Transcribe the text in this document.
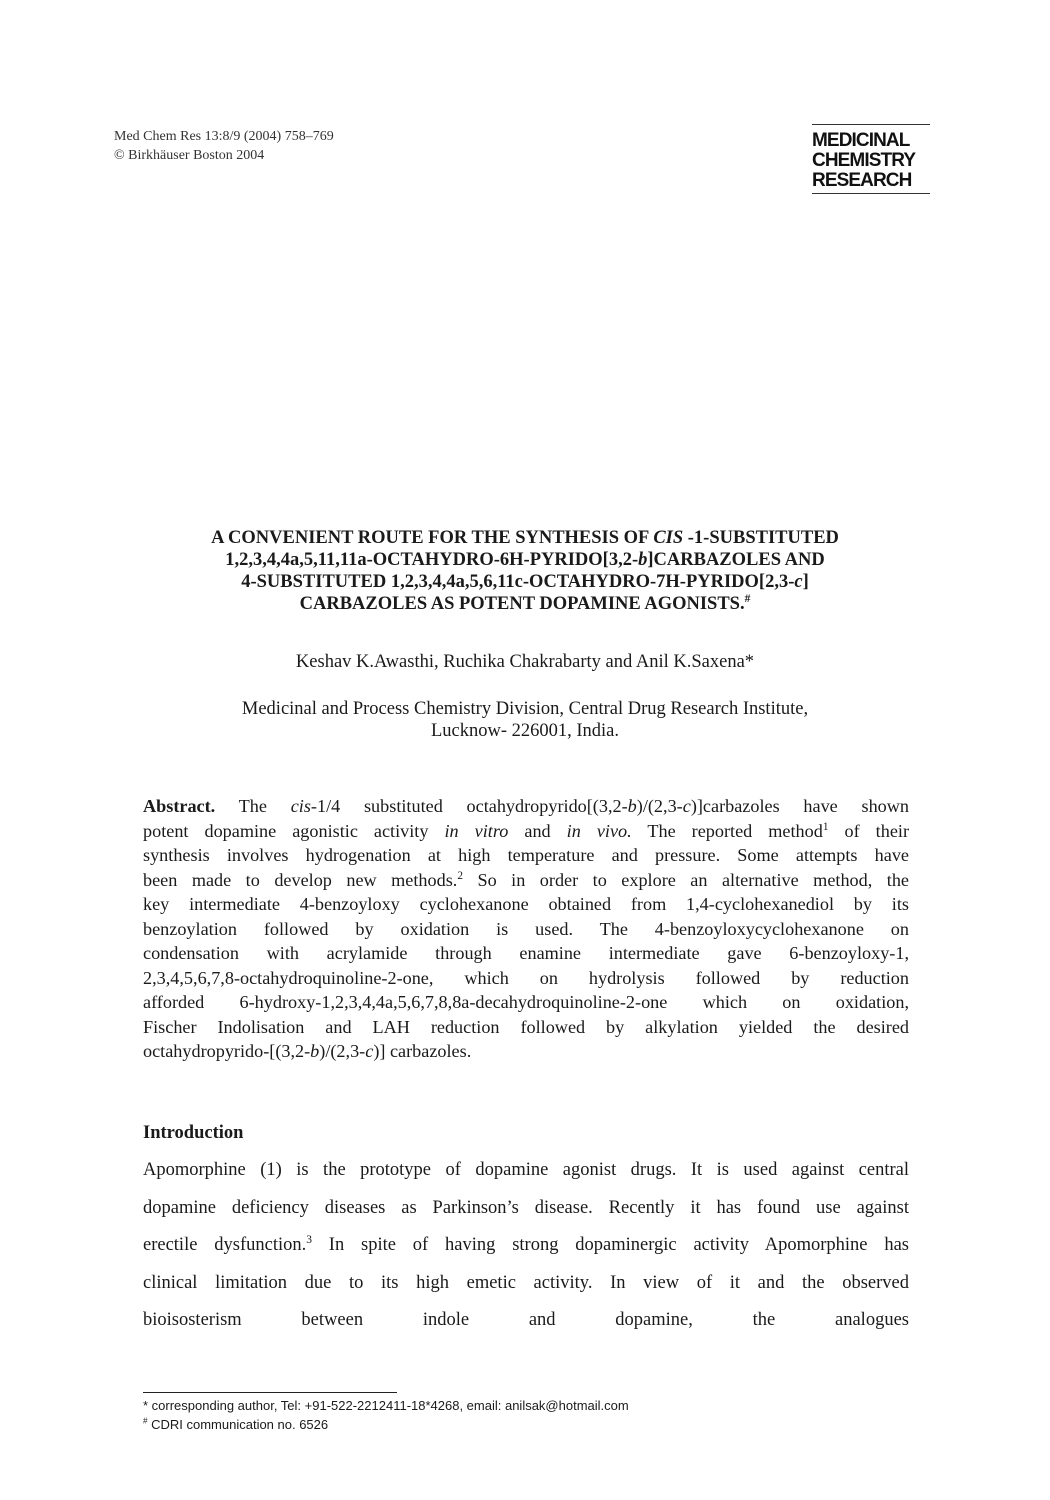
Med Chem Res 13:8/9 (2004) 758–769
© Birkhäuser Boston 2004
MEDICINAL
CHEMISTRY
RESEARCH
A CONVENIENT ROUTE FOR THE SYNTHESIS OF CIS -1-SUBSTITUTED
1,2,3,4,4a,5,11,11a-OCTAHYDRO-6H-PYRIDO[3,2-b]CARBAZOLES AND
4-SUBSTITUTED 1,2,3,4,4a,5,6,11c-OCTAHYDRO-7H-PYRIDO[2,3-c]
CARBAZOLES AS POTENT DOPAMINE AGONISTS.#
Keshav K.Awasthi, Ruchika Chakrabarty and Anil K.Saxena*
Medicinal and Process Chemistry Division, Central Drug Research Institute,
Lucknow- 226001, India.
Abstract. The cis-1/4 substituted octahydropyrido[(3,2-b)/(2,3-c)]carbazoles have shown
potent dopamine agonistic activity in vitro and in vivo. The reported method$^1$ of their
synthesis involves hydrogenation at high temperature and pressure. Some attempts have
been made to develop new methods.$^2$ So in order to explore an alternative method, the
key intermediate 4-benzoyloxy cyclohexanone obtained from 1,4-cyclohexanediol by its
benzoylation followed by oxidation is used. The 4-benzoyloxycyclohexanone on
condensation with acrylamide through enamine intermediate gave 6-benzoyloxy-1,
2,3,4,5,6,7,8-octahydroquinoline-2-one, which on hydrolysis followed by reduction
afforded 6-hydroxy-1,2,3,4,4a,5,6,7,8,8a-decahydroquinoline-2-one which on oxidation,
Fischer Indolisation and LAH reduction followed by alkylation yielded the desired
octahydropyrido-[(3,2-b)/(2,3-c)] carbazoles.
Introduction
Apomorphine (1) is the prototype of dopamine agonist drugs. It is used against central
dopamine deficiency diseases as Parkinson’s disease. Recently it has found use against
erectile dysfunction.$^3$ In spite of having strong dopaminergic activity Apomorphine has
clinical limitation due to its high emetic activity. In view of it and the observed
bioisosterism between indole and dopamine, the analogues
* corresponding author, Tel: +91-522-2212411-18*4268, email: anilsak@hotmail.com
# CDRI communication no. 6526
